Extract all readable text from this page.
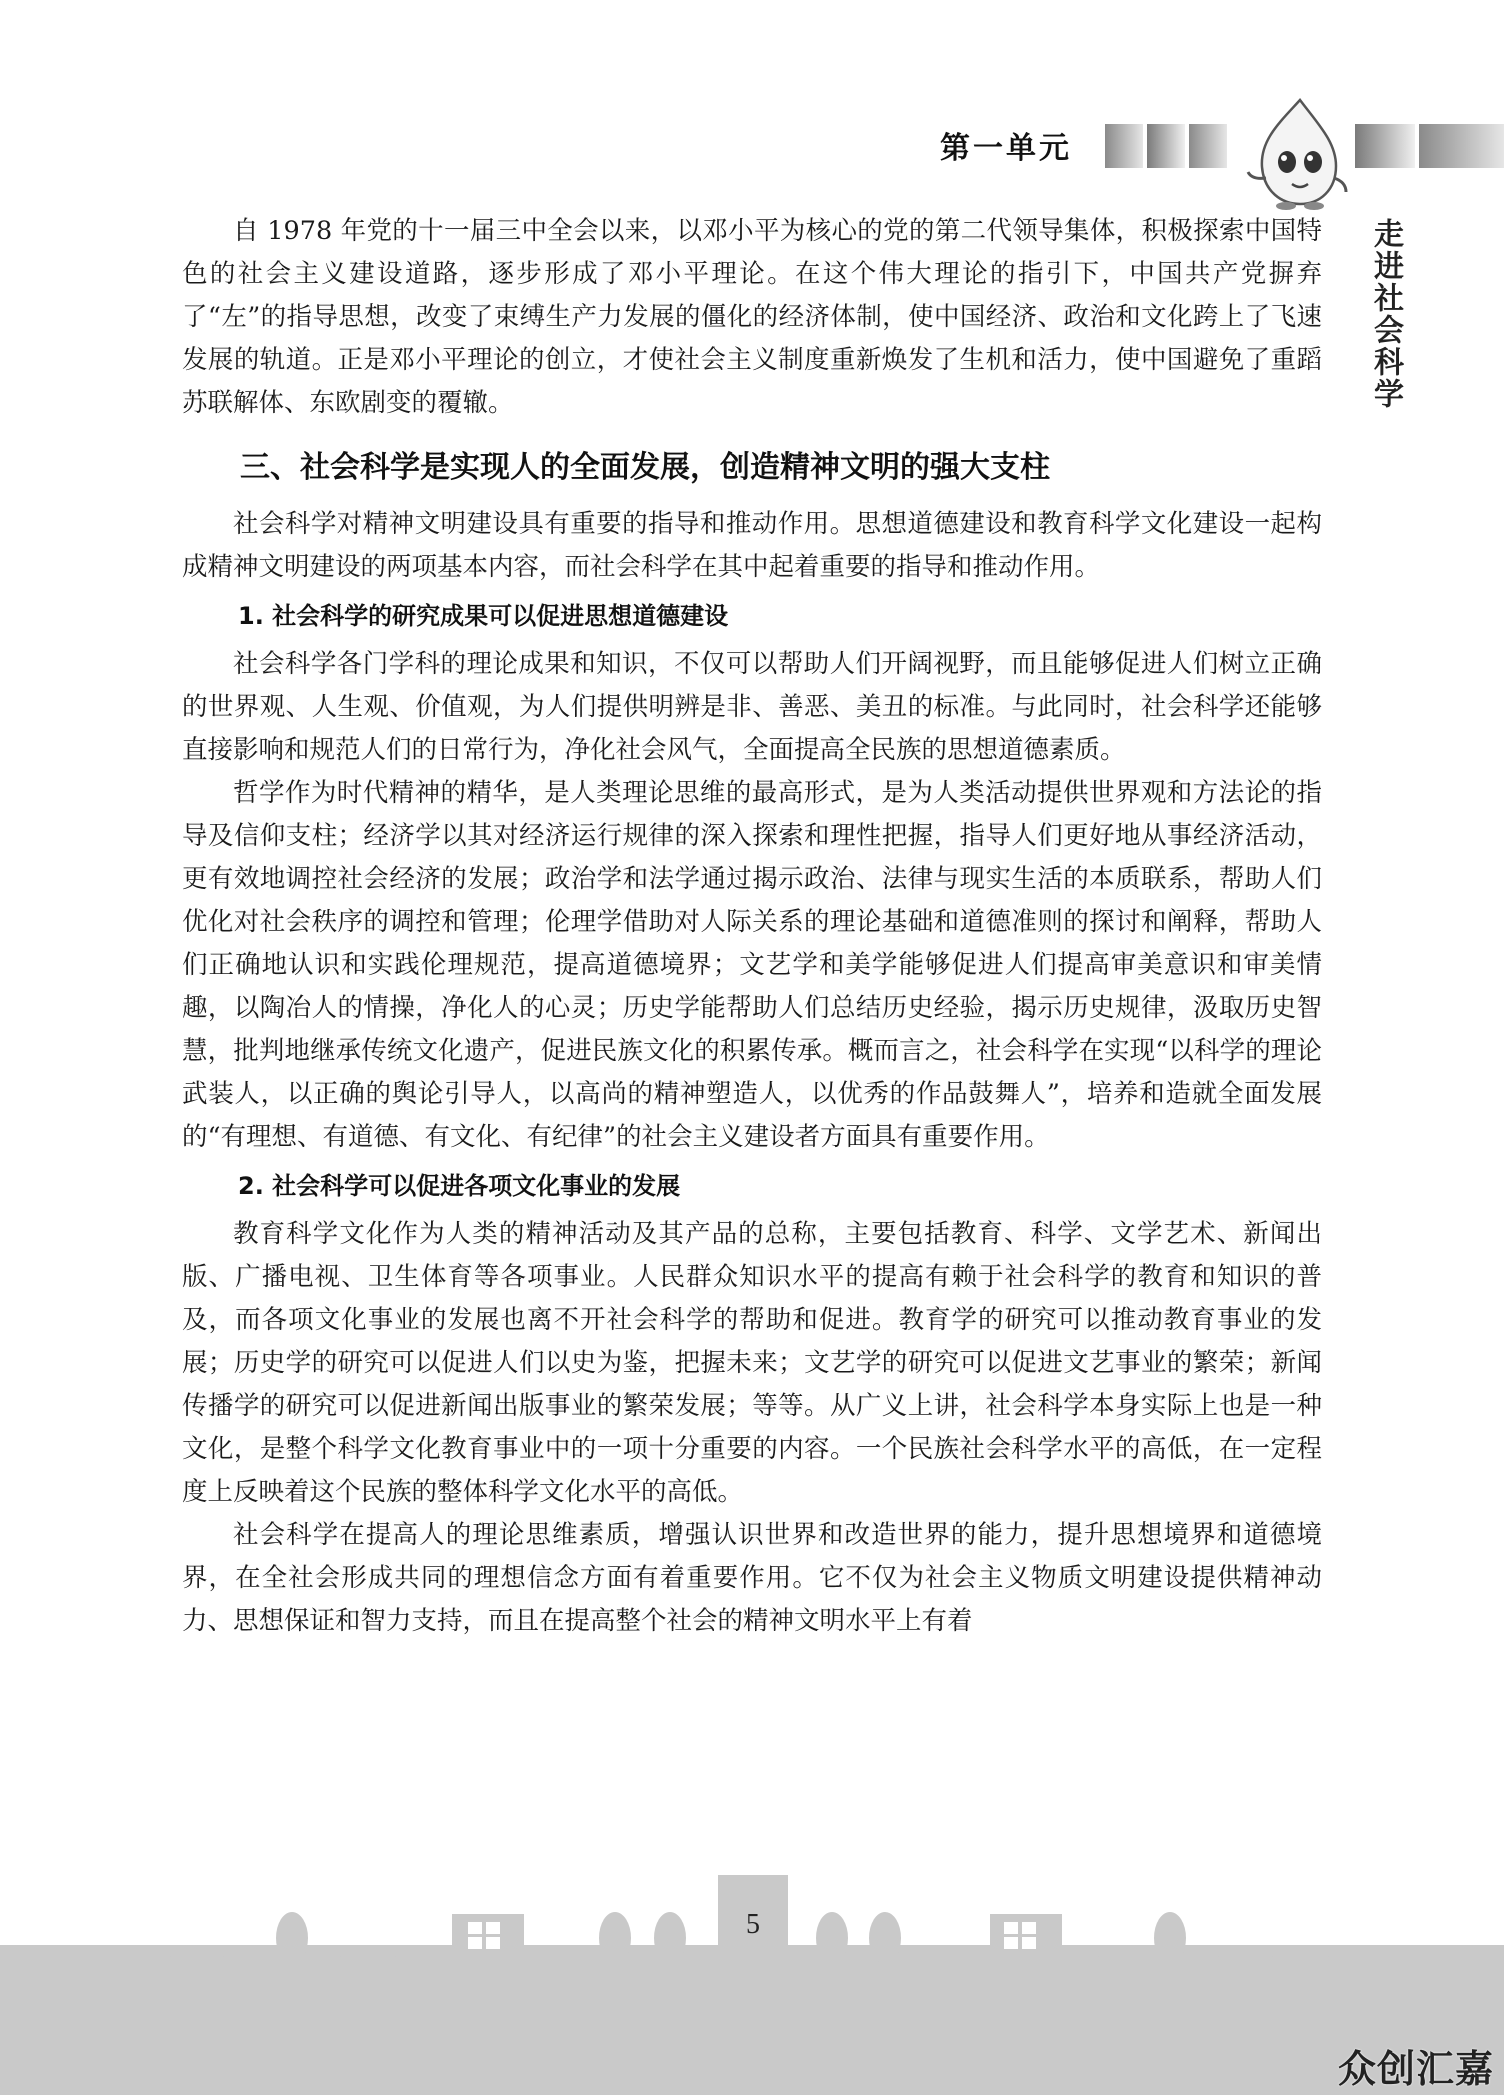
第一单元
走进社会科学

自 1978 年党的十一届三中全会以来，以邓小平为核心的党的第二代领导集体，积极探索中国特色的社会主义建设道路，逐步形成了邓小平理论。在这个伟大理论的指引下，中国共产党摒弃了“左”的指导思想，改变了束缚生产力发展的僵化的经济体制，使中国经济、政治和文化跨上了飞速发展的轨道。正是邓小平理论的创立，才使社会主义制度重新焕发了生机和活力，使中国避免了重蹈苏联解体、东欧剧变的覆辙。

三、社会科学是实现人的全面发展，创造精神文明的强大支柱

社会科学对精神文明建设具有重要的指导和推动作用。思想道德建设和教育科学文化建设一起构成精神文明建设的两项基本内容，而社会科学在其中起着重要的指导和推动作用。

1. 社会科学的研究成果可以促进思想道德建设

社会科学各门学科的理论成果和知识，不仅可以帮助人们开阔视野，而且能够促进人们树立正确的世界观、人生观、价值观，为人们提供明辨是非、善恶、美丑的标准。与此同时，社会科学还能够直接影响和规范人们的日常行为，净化社会风气，全面提高全民族的思想道德素质。

哲学作为时代精神的精华，是人类理论思维的最高形式，是为人类活动提供世界观和方法论的指导及信仰支柱；经济学以其对经济运行规律的深入探索和理性把握，指导人们更好地从事经济活动，更有效地调控社会经济的发展；政治学和法学通过揭示政治、法律与现实生活的本质联系，帮助人们优化对社会秩序的调控和管理；伦理学借助对人际关系的理论基础和道德准则的探讨和阐释，帮助人们正确地认识和实践伦理规范，提高道德境界；文艺学和美学能够促进人们提高审美意识和审美情趣，以陶冶人的情操，净化人的心灵；历史学能帮助人们总结历史经验，揭示历史规律，汲取历史智慧，批判地继承传统文化遗产，促进民族文化的积累传承。概而言之，社会科学在实现“以科学的理论武装人，以正确的舆论引导人，以高尚的精神塑造人，以优秀的作品鼓舞人”，培养和造就全面发展的“有理想、有道德、有文化、有纪律”的社会主义建设者方面具有重要作用。

2. 社会科学可以促进各项文化事业的发展

教育科学文化作为人类的精神活动及其产品的总称，主要包括教育、科学、文学艺术、新闻出版、广播电视、卫生体育等各项事业。人民群众知识水平的提高有赖于社会科学的教育和知识的普及，而各项文化事业的发展也离不开社会科学的帮助和促进。教育学的研究可以推动教育事业的发展；历史学的研究可以促进人们以史为鉴，把握未来；文艺学的研究可以促进文艺事业的繁荣；新闻传播学的研究可以促进新闻出版事业的繁荣发展；等等。从广义上讲，社会科学本身实际上也是一种文化，是整个科学文化教育事业中的一项十分重要的内容。一个民族社会科学水平的高低，在一定程度上反映着这个民族的整体科学文化水平的高低。

社会科学在提高人的理论思维素质，增强认识世界和改造世界的能力，提升思想境界和道德境界，在全社会形成共同的理想信念方面有着重要作用。它不仅为社会主义物质文明建设提供精神动力、思想保证和智力支持，而且在提高整个社会的精神文明水平上有着

5
众创汇嘉
